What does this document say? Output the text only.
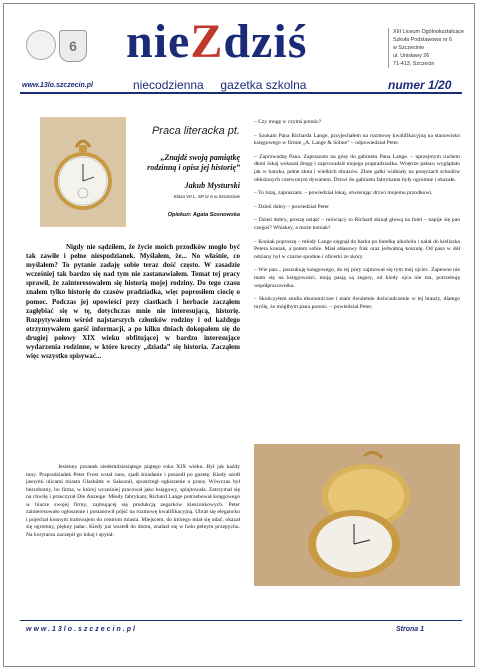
6 nieZdziś	XIII Liceum Ogólnokształcące
Szkoła Podstawowa nr 6
w Szczecinie
ul. Unisławy 26
71-413, Szczecin
www.13lo.szczecin.pl	niecodzienna     gazetka szkolna	numer 1/20
Praca literacka pt.
„Znajdź swoją pamiątkę rodzinną i opisz jej historię”
Jakub Mysturski
Klasa VII L, SP nr 6 w Szczecinie
Opiekun: Agata Sosnowska

Nigdy nie sądziłem, że życie moich przodków mogło być tak zawiłe i pełne niespodzianek. Myślałem, że... No właśnie, co myślałem? To pytanie zadaję sobie teraz dość często. W zasadzie wcześniej tak bardzo się nad tym nie zastanawiałem. Temat tej pracy sprawił, że zainteresowałem się historią mojej rodziny. Do tego czasu znałem tylko historię do czasów pradziadka, więc poprosiłem ciocię o pomoc. Podczas jej opowieści przy ciastkach i herbacie zacząłem zagłębiać się w tę, dotychczas mnie nie interesującą, historię. Rozpytywałem wśród najstarszych członków rodziny i od każdego otrzymywałem garść informacji, a po kilku dniach dokopałem się do drugiej połowy XIX wieku obfitującej w bardzo interesujące wydarzenia rodzinne, w które kroczy „dziada” się historia. Zacząłem więc wszystko spisywać...

Jesienny poranek siedemdziesiątego piątego roku XIX wieku. Był jak każdy inny. Prapradziadek Peter Frost wstał rano, zjadł śniadanie i poszedł po gazetę. Kiedy szedł jasnymi ulicami miasta Glashütte w Saksonii, spostrzegł ogłoszenie o pracę. Wówczas był bezrobotny, bo firma, w której wcześniej pracował jako księgowy, splajtowała. Zatrzymał się na chwilę i przeczytał Die Anzeige: Młody fabrykant, Richard Lange potrzebował księgowego w biurze swojej firmy, zajmującej się produkcją zegarków kieszonkowych. Peter zainteresowało ogłoszenie i postanowił pójść na rozmowę kwalifikacyjną. Ubrał się elegancko i pojechał konnym tramwajem do centrum miasta. Miejscem, do którego miał się udać, okazał się ogromny, piękny pałac. Kiedy już wszedł do domu, znalazł się w holu pełnym przepychu. Na korytarzu zaczepił go lokaj i spytał:

– Czy mogę w czymś pomóc?

– Szukam Pana Richarda Lange, przyjechałem na rozmowę kwalifikacyjną na stanowisko księgowego w firmie „A. Lange & Söhne” – odpowiedział Peter.

– Zaprowadzę Pana. Zapraszam na górę do gabinetu Pana Lange. – uprzejmym ruchem dłoni lokaj wskazał drogę i zaprowadził mojego prapradziadka. Wnętrze pałacu wyglądało jak w baroku, pełne złota i wielkich obrazów. Złote gałki widniały na poręczach schodów obłożonych czerwonym dywanem. Drzwi do gabinetu fabrykanta były ogromne i okazałe.

– To tutaj, zapraszam. – powiedział lokaj, otwierając drzwi mojemu przodkowi.

– Dzień dobry – powiedział Peter

– Dzień dobry, proszę usiąść – mówiący to Richard skinął głową na fotel – napije się pan czegoś? Whiskey, a może koniak?

– Koniak poproszę – młody Lange sięgnął do barku po butelkę alkoholu i nalał do kieliszka Petera koniak, a potem sobie. Miał atłasowy frak oraz jedwabną koszulę. Od pasa w dół odziany był w czarne spodnie i oficerki ze skóry.

– Wie pan... poszukuję księgowego, do tej pory zajmował się tym mój ojciec. Zapewne nie mam się na księgowości, moją pasją są zegary, od kiedy ojca nie ma, potrzebuję współpracownika.

– Skończyłem studia ekonomiczne i mam dwuletnie doświadczenie w tej branży, dlatego myślę, że mógłbym panu pomóc. – powiedział Peter.

www.13lo.szczecin.pl	Strona 1
